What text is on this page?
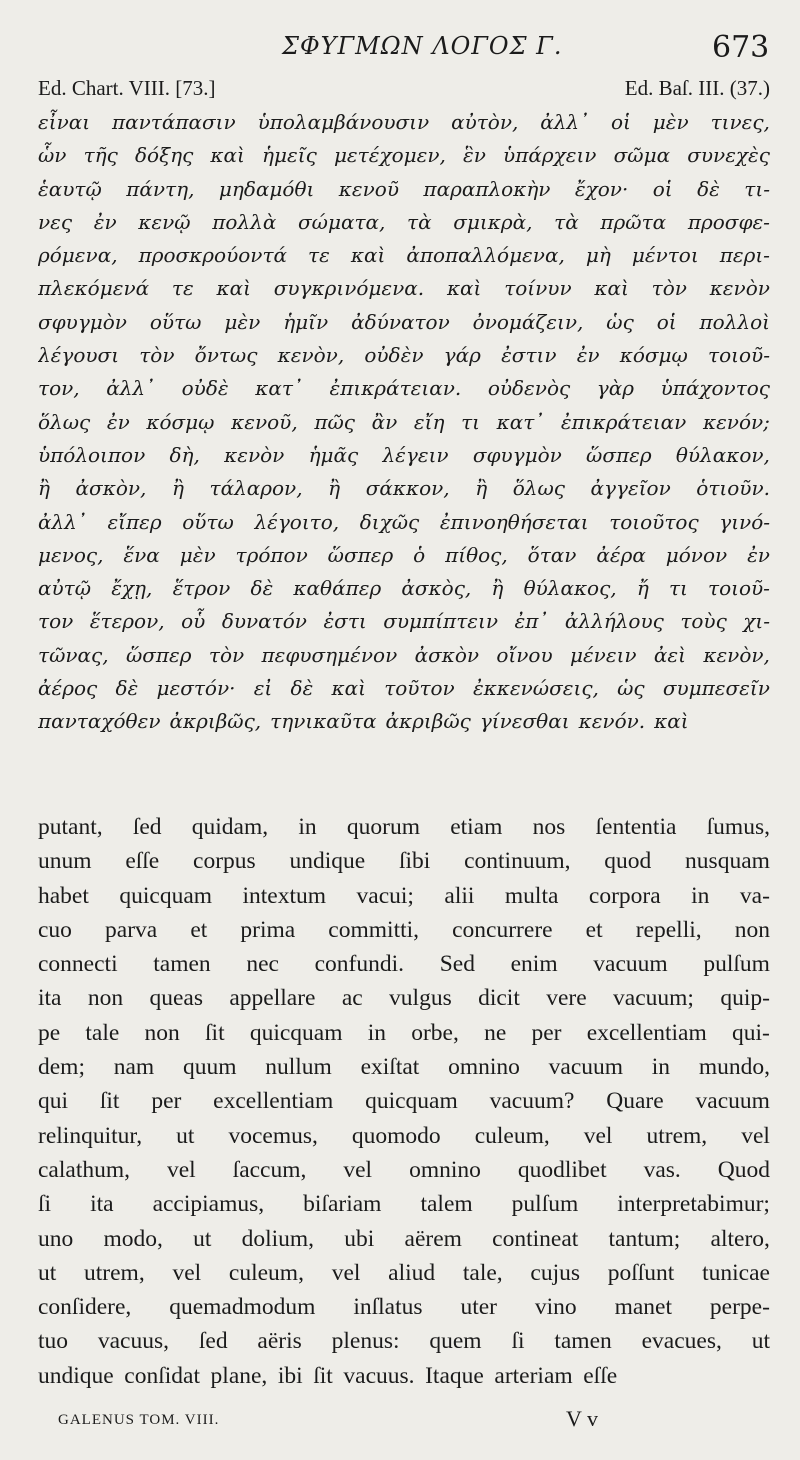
ΣΦΥΓΜΩΝ ΛΟΓΟΣ Γ.	673
Ed. Chart. VIII. [73.]	Ed. Baſ. III. (37.)
εἶναι παντάπασιν ὑπολαμβάνουσιν αὐτὸν, ἀλλ᾽ οἱ μὲν τινες,
ὧν τῆς δόξης καὶ ἡμεῖς μετέχομεν, ἓν ὑπάρχειν σῶμα συνεχὲς
ἑαυτῷ πάντη, μηδαμόθι κενοῦ παραπλοκὴν ἔχον· οἱ δὲ τι-
νες ἐν κενῷ πολλὰ σώματα, τὰ σμικρὰ, τὰ πρῶτα προσφε-
ρόμενα, προσκρούοντά τε καὶ ἀποπαλλόμενα, μὴ μέντοι περι-
πλεκόμενά τε καὶ συγκρινόμενα. καὶ τοίνυν καὶ τὸν κενὸν
σφυγμὸν οὕτω μὲν ἡμῖν ἀδύνατον ὀνομάζειν, ὡς οἱ πολλοὶ
λέγουσι τὸν ὄντως κενὸν, οὐδὲν γάρ ἐστιν ἐν κόσμῳ τοιοῦ-
τον, ἀλλ᾽ οὐδὲ κατ᾽ ἐπικράτειαν. οὐδενὸς γὰρ ὑπάχοντος
ὅλως ἐν κόσμῳ κενοῦ, πῶς ἂν εἴη τι κατ᾽ ἐπικράτειαν κενόν;
ὑπόλοιπον δὴ, κενὸν ἡμᾶς λέγειν σφυγμὸν ὥσπερ θύλακον,
ἢ ἀσκὸν, ἢ τάλαρον, ἢ σάκκον, ἢ ὅλως ἀγγεῖον ὁτιοῦν.
ἀλλ᾽ εἴπερ οὕτω λέγοιτο, διχῶς ἐπινοηθήσεται τοιοῦτος γινό-
μενος, ἕνα μὲν τρόπον ὥσπερ ὁ πίθος, ὅταν ἀέρα μόνον ἐν
αὐτῷ ἔχῃ, ἕτρον δὲ καθάπερ ἀσκὸς, ἢ θύλακος, ἤ τι τοιοῦ-
τον ἕτερον, οὗ δυνατόν ἐστι συμπίπτειν ἐπ᾽ ἀλλήλους τοὺς χι-
τῶνας, ὥσπερ τὸν πεφυσημένον ἀσκὸν οἴνου μένειν ἀεὶ κενὸν,
ἀέρος δὲ μεστόν· εἰ δὲ καὶ τοῦτον ἐκκενώσεις, ὡς συμπεσεῖν
πανταχόθεν ἀκριβῶς, τηνικαῦτα ἀκριβῶς γίνεσθαι κενόν. καὶ
putant, ſed quidam, in quorum etiam nos ſententia ſumus,
unum eſſe corpus undique ſibi continuum, quod nusquam
habet quicquam intextum vacui; alii multa corpora in va-
cuo parva et prima committi, concurrere et repelli, non
connecti tamen nec confundi. Sed enim vacuum pulſum
ita non queas appellare ac vulgus dicit vere vacuum; quip-
pe tale non ſit quicquam in orbe, ne per excellentiam qui-
dem; nam quum nullum exiſtat omnino vacuum in mundo,
qui ſit per excellentiam quicquam vacuum? Quare vacuum
relinquitur, ut vocemus, quomodo culeum, vel utrem, vel
calathum, vel ſaccum, vel omnino quodlibet vas. Quod
ſi ita accipiamus, biſariam talem pulſum interpretabimur;
uno modo, ut dolium, ubi aërem contineat tantum; altero,
ut utrem, vel culeum, vel aliud tale, cujus poſſunt tunicae
conſidere, quemadmodum inſlatus uter vino manet perpe-
tuo vacuus, ſed aëris plenus: quem ſi tamen evacues, ut
undique conſidat plane, ibi ſit vacuus. Itaque arteriam eſſe
GALENUS TOM. VIII.	V v
